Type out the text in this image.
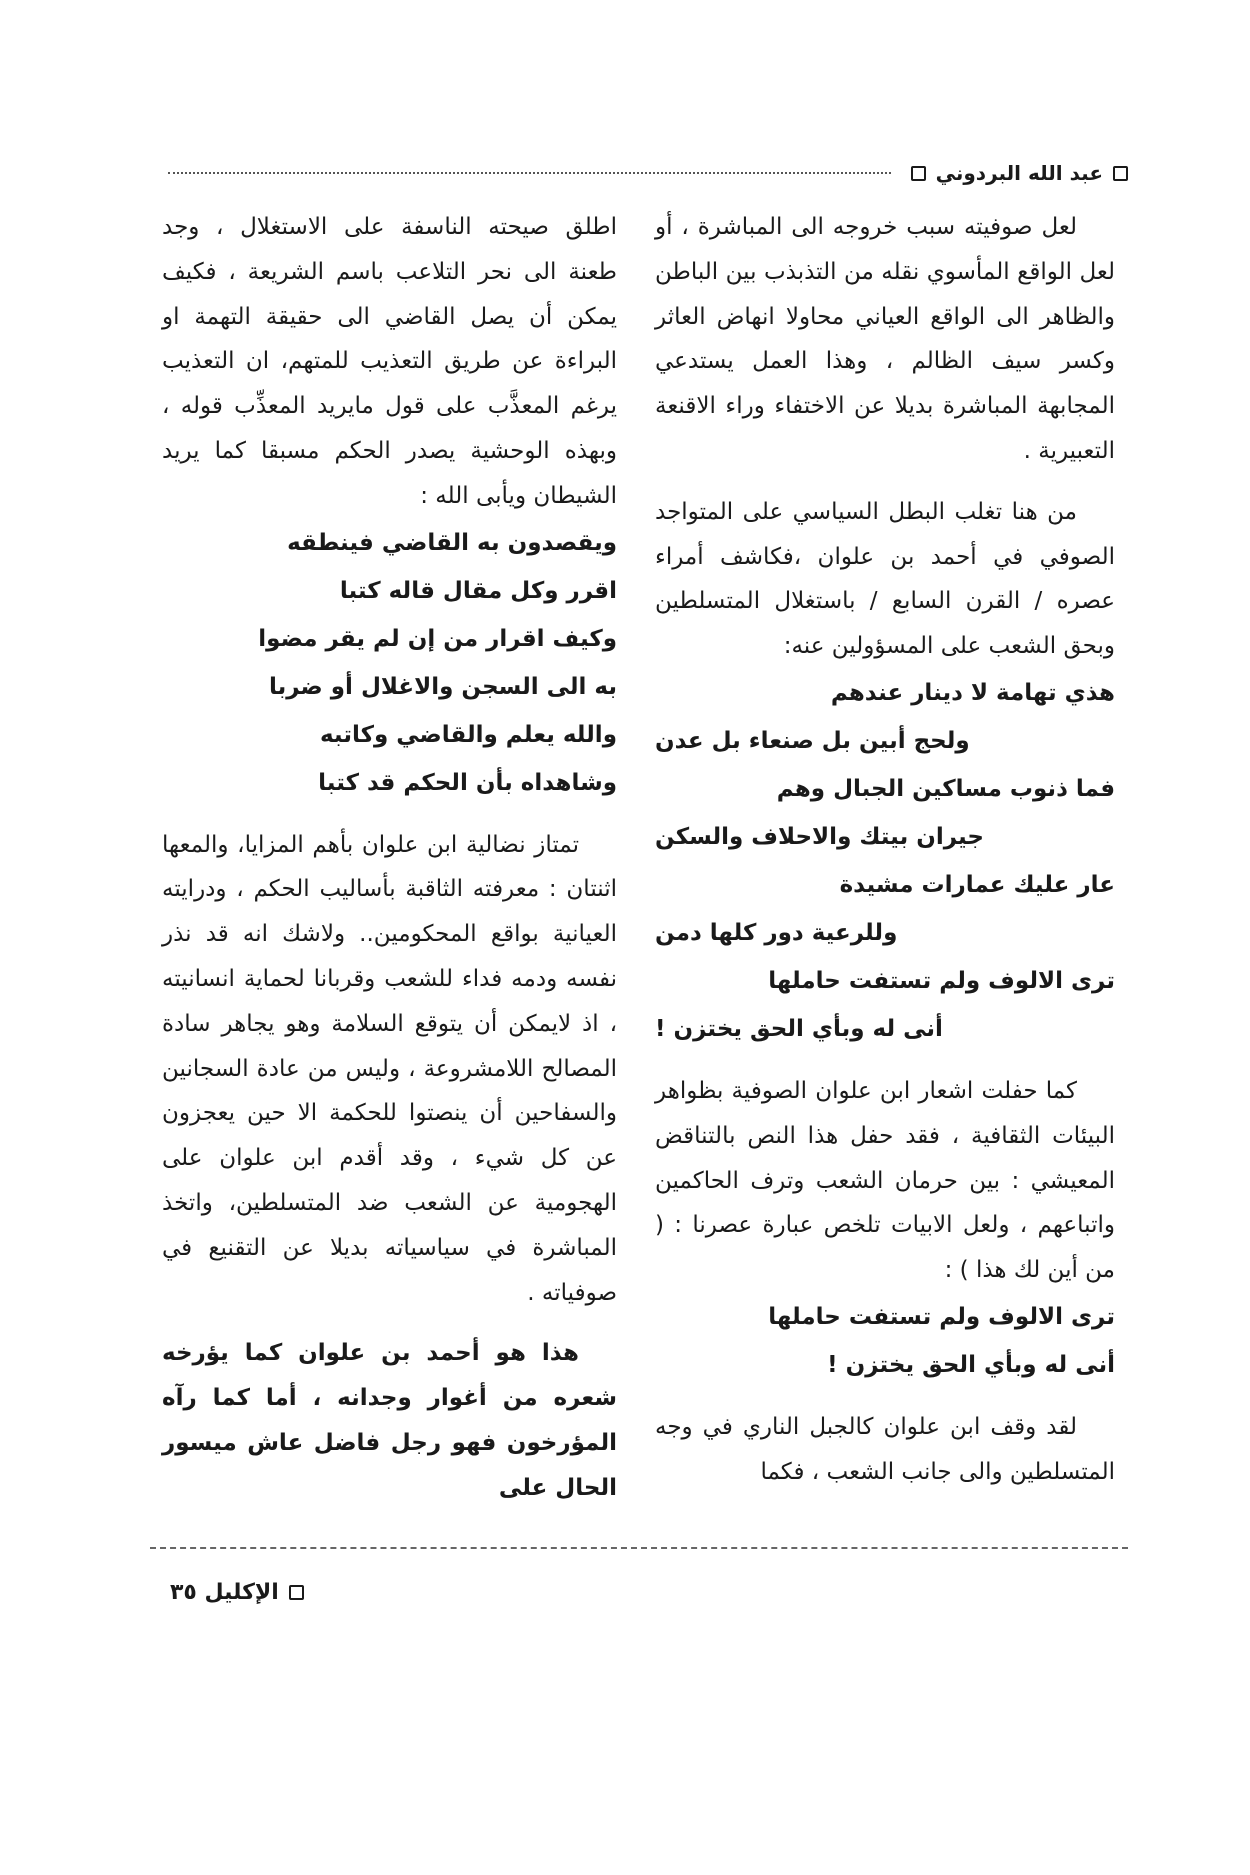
عبد الله البردوني

لعل صوفيته سبب خروجه الى المباشرة ، أو لعل الواقع المأسوي نقله من التذبذب بين الباطن والظاهر الى الواقع العياني محاولا انهاض العاثر وكسر سيف الظالم ، وهذا العمل يستدعي المجابهة المباشرة بديلا عن الاختفاء وراء الاقنعة التعبيرية .

من هنا تغلب البطل السياسي على المتواجد الصوفي في أحمد بن علوان ،فكاشف أمراء عصره / القرن السابع / باستغلال المتسلطين وبحق الشعب على المسؤولين عنه:

هذي تهامة لا دينار عندهم
ولحج أبين بل صنعاء بل عدن
فما ذنوب مساكين الجبال وهم
جيران بيتك والاحلاف والسكن
عار عليك عمارات مشيدة
وللرعية دور كلها دمن
ترى الالوف ولم تستفت حاملها
أنى له وبأي الحق يختزن !

كما حفلت اشعار ابن علوان الصوفية بظواهر البيئات الثقافية ، فقد حفل هذا النص بالتناقض المعيشي : بين حرمان الشعب وترف الحاكمين واتباعهم ، ولعل الابيات تلخص عبارة عصرنا : ( من أين لك هذا ) :

ترى الالوف ولم تستفت حاملها
أنى له وبأي الحق يختزن !

لقد وقف ابن علوان كالجبل الناري في وجه المتسلطين والى جانب الشعب ، فكما

اطلق صيحته الناسفة على الاستغلال ، وجد طعنة الى نحر التلاعب باسم الشريعة ، فكيف يمكن أن يصل القاضي الى حقيقة التهمة او البراءة عن طريق التعذيب للمتهم، ان التعذيب يرغم المعذَّب على قول مايريد المعذِّب قوله ، وبهذه الوحشية يصدر الحكم مسبقا كما يريد الشيطان ويأبى الله :

ويقصدون به القاضي فينطقه
اقرر وكل مقال قاله كتبا
وكيف اقرار من إن لم يقر مضوا
به الى السجن والاغلال أو ضربا
والله يعلم والقاضي وكاتبه
وشاهداه بأن الحكم قد كتبا

تمتاز نضالية ابن علوان بأهم المزايا، والمعها اثنتان : معرفته الثاقبة بأساليب الحكم ، ودرايته العيانية بواقع المحكومين.. ولاشك انه قد نذر نفسه ودمه فداء للشعب وقربانا لحماية انسانيته ، اذ لايمكن أن يتوقع السلامة وهو يجاهر سادة المصالح اللامشروعة ، وليس من عادة السجانين والسفاحين أن ينصتوا للحكمة الا حين يعجزون عن كل شيء ، وقد أقدم ابن علوان على الهجومية عن الشعب ضد المتسلطين، واتخذ المباشرة في سياسياته بديلا عن التقنيع في صوفياته .

هذا هو أحمد بن علوان كما يؤرخه شعره من أغوار وجدانه ، أما كما رآه المؤرخون فهو رجل فاضل عاش ميسور الحال على

الإكليل ٣٥
